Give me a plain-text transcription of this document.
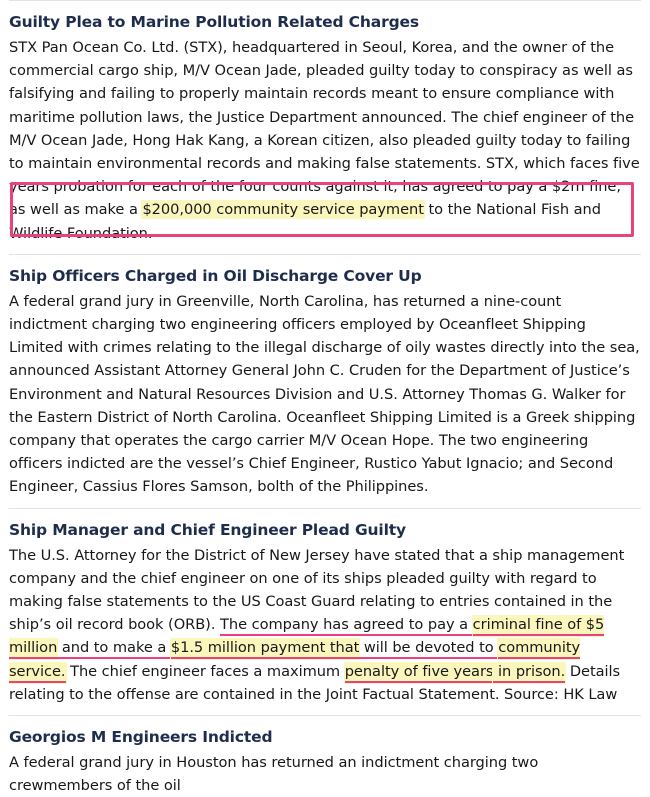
Guilty Plea to Marine Pollution Related Charges

STX Pan Ocean Co. Ltd. (STX), headquartered in Seoul, Korea, and the owner of the commercial cargo ship, M/V Ocean Jade, pleaded guilty today to conspiracy as well as falsifying and failing to properly maintain records meant to ensure compliance with maritime pollution laws, the Justice Department announced. The chief engineer of the M/V Ocean Jade, Hong Hak Kang, a Korean citizen, also pleaded guilty today to failing to maintain environmental records and making false statements. STX, which faces five years probation for each of the four counts against it, has agreed to pay a $2m fine, as well as make a $200,000 community service payment to the National Fish and Wildlife Foundation.

Ship Officers Charged in Oil Discharge Cover Up

A federal grand jury in Greenville, North Carolina, has returned a nine-count indictment charging two engineering officers employed by Oceanfleet Shipping Limited with crimes relating to the illegal discharge of oily wastes directly into the sea, announced Assistant Attorney General John C. Cruden for the Department of Justice’s Environment and Natural Resources Division and U.S. Attorney Thomas G. Walker for the Eastern District of North Carolina. Oceanfleet Shipping Limited is a Greek shipping company that operates the cargo carrier M/V Ocean Hope. The two engineering officers indicted are the vessel’s Chief Engineer, Rustico Yabut Ignacio; and Second Engineer, Cassius Flores Samson, bolth of the Philippines.

Ship Manager and Chief Engineer Plead Guilty

The U.S. Attorney for the District of New Jersey have stated that a ship management company and the chief engineer on one of its ships pleaded guilty with regard to making false statements to the US Coast Guard relating to entries contained in the ship’s oil record book (ORB). The company has agreed to pay a criminal fine of $5 million and to make a $1.5 million payment that will be devoted to community service. The chief engineer faces a maximum penalty of five years in prison. Details relating to the offense are contained in the Joint Factual Statement. Source: HK Law

Georgios M Engineers Indicted

A federal grand jury in Houston has returned an indictment charging two crewmembers of the oil
